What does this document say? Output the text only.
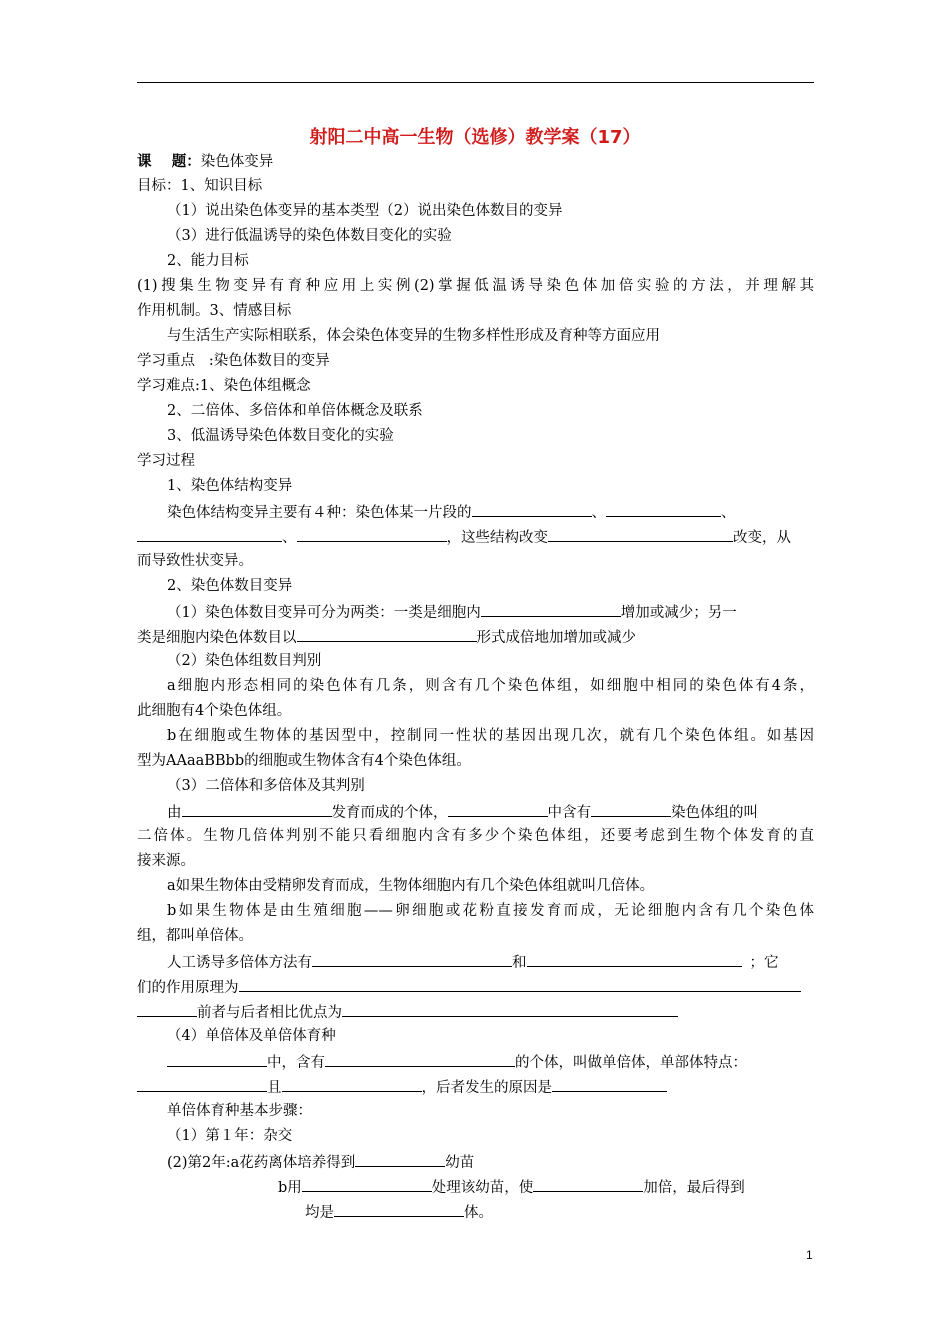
射阳二中高一生物（选修）教学案（17）
课    题：染色体变异
目标：1、知识目标
（1）说出染色体变异的基本类型（2）说出染色体数目的变异
（3）进行低温诱导的染色体数目变化的实验
2、能力目标
(1)搜集生物变异有育种应用上实例(2)掌握低温诱导染色体加倍实验的方法，并理解其
作用机制。3、情感目标
与生活生产实际相联系，体会染色体变异的生物多样性形成及育种等方面应用
学习重点   :染色体数目的变异
学习难点:1、染色体组概念
2、二倍体、多倍体和单倍体概念及联系
3、低温诱导染色体数目变化的实验
学习过程
1、染色体结构变异
染色体结构变异主要有４种：染色体某一片段的	、	、
、	，这些结构改变	改变，从
而导致性状变异。
2、染色体数目变异
（1）染色体数目变异可分为两类：一类是细胞内	增加或减少；另一
类是细胞内染色体数目以	形式成倍地加增加或减少
（2）染色体组数目判别
a细胞内形态相同的染色体有几条，则含有几个染色体组，如细胞中相同的染色体有4条，
此细胞有4个染色体组。
b在细胞或生物体的基因型中，控制同一性状的基因出现几次，就有几个染色体组。如基因
型为AAaaBBbb的细胞或生物体含有4个染色体组。
（3）二倍体和多倍体及其判别
由	发育而成的个体，	中含有	染色体组的叫
二倍体。生物几倍体判别不能只看细胞内含有多少个染色体组，还要考虑到生物个体发育的直
接来源。
a如果生物体由受精卵发育而成，生物体细胞内有几个染色体组就叫几倍体。
b如果生物体是由生殖细胞——卵细胞或花粉直接发育而成，无论细胞内含有几个染色体
组，都叫单倍体。
人工诱导多倍体方法有	和	；它
们的作用原理为
前者与后者相比优点为
（4）单倍体及单倍体育种
中，含有	的个体，叫做单倍体，单部体特点：
且	，后者发生的原因是
单倍体育种基本步骤：
（1）第１年：杂交
(2)第2年:a花药离体培养得到	幼苗
b用	处理该幼苗，使	加倍，最后得到
均是	体。
1
